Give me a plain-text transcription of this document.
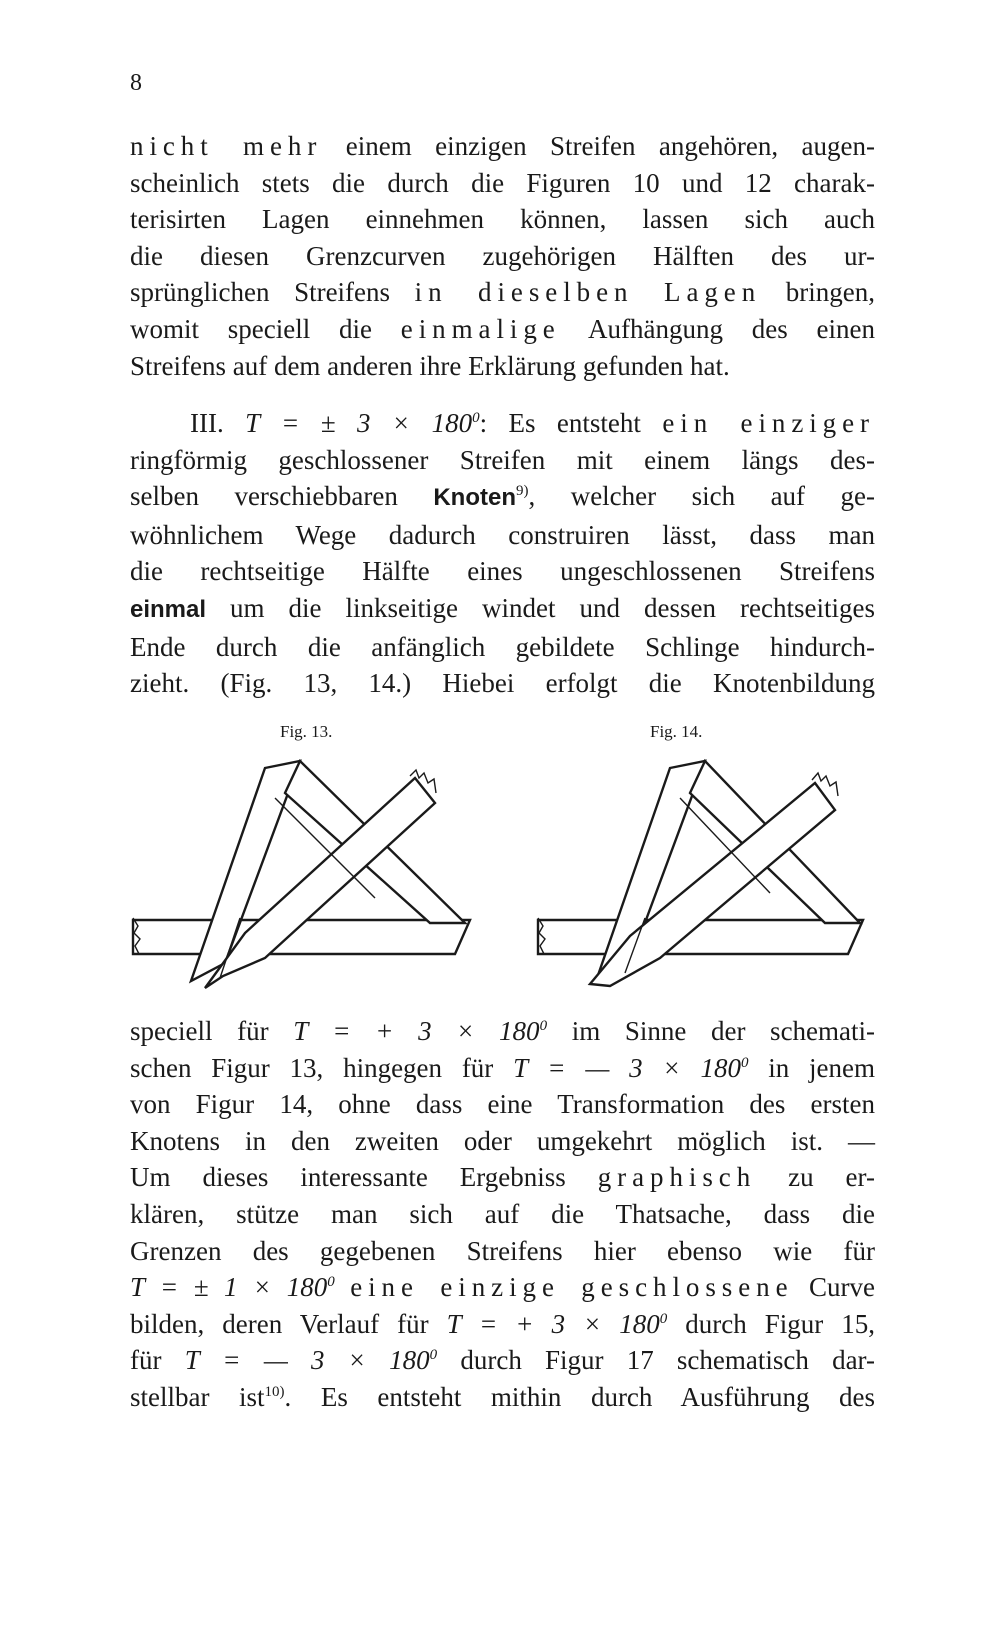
8
nicht mehr einem einzigen Streifen angehören, augen-
scheinlich stets die durch die Figuren 10 und 12 charak-
terisirten Lagen einnehmen können, lassen sich auch
die diesen Grenzcurven zugehörigen Hälften des ur-
sprünglichen Streifens in dieselben Lagen bringen,
womit speciell die einmalige Aufhängung des einen
Streifens auf dem anderen ihre Erklärung gefunden hat.
III. T = ± $3 \times 180^0$: Es entsteht ein einziger
ringförmig geschlossener Streifen mit einem längs des-
selben verschiebbaren Knoten$^{9)}$, welcher sich auf ge-
wöhnlichem Wege dadurch construiren lässt, dass man
die rechtseitige Hälfte eines ungeschlossenen Streifens
einmal um die linkseitige windet und dessen rechtseitiges
Ende durch die anfänglich gebildete Schlinge hindurch-
zieht. (Fig. 13, 14.) Hiebei erfolgt die Knotenbildung
Fig. 13.	Fig. 14.
speciell für T = + $3 \times 180^0$ im Sinne der schemati-
schen Figur 13, hingegen für T = — $3 \times 180^0$ in jenem
von Figur 14, ohne dass eine Transformation des ersten
Knotens in den zweiten oder umgekehrt möglich ist. —
Um dieses interessante Ergebniss graphisch zu er-
klären, stütze man sich auf die Thatsache, dass die
Grenzen des gegebenen Streifens hier ebenso wie für
T = ± $1 \times 180^0$ eine einzige geschlossene Curve
bilden, deren Verlauf für T = + $3 \times 180^0$ durch Figur 15,
für T = — $3 \times 180^0$ durch Figur 17 schematisch dar-
stellbar ist$^{10)}$. Es entsteht mithin durch Ausführung des
